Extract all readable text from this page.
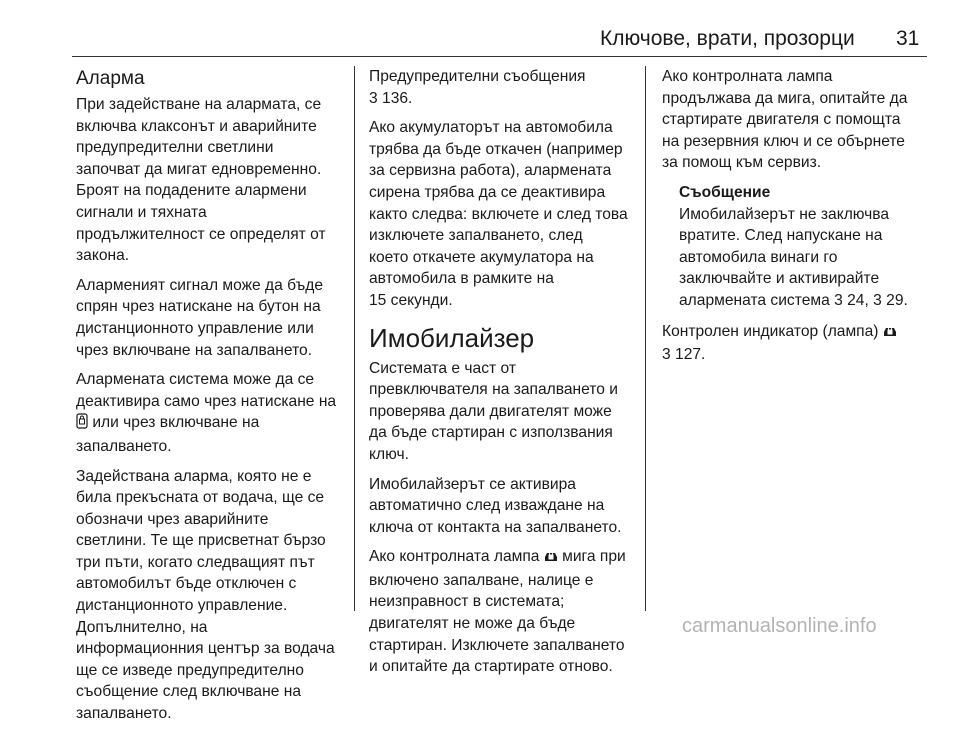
Ключове, врати, прозорци 31
Аларма

При задействане на алармата, се
включва клаксонът и аварийните
предупредителни светлини
започват да мигат едновременно.
Броят на подадените алармени
сигнали и тяхната
продължителност се определят от
закона.

Алармeният сигнал може да бъде
спрян чрез натискане на бутон на
дистанционното управление или
чрез включване на запалването.

Алармената система може да се
деактивира само чрез натискане на
или чрез включване на
запалването.

Задействана аларма, която не е
била прекъсната от водача, ще се
обозначи чрез аварийните
светлини. Те ще присветнат бързо
три пъти, когато следващият път
автомобилът бъде отключен с
дистанционното управление.
Допълнително, на
информационния център за водача
ще се изведе предупредително
съобщение след включване на
запалването.

Предупредителни съобщения
3 136.

Ако акумулаторът на автомобила
трябва да бъде откачен (например
за сервизна работа), алармената
сирена трябва да се деактивира
както следва: включете и след това
изключете запалването, след
което откачете акумулатора на
автомобила в рамките на
15 секунди.

Имобилайзер

Системата е част от
превключвателя на запалването и
проверява дали двигателят може
да бъде стартиран с използвания
ключ.

Имобилайзерът се активира
автоматично след изваждане на
ключа от контакта на запалването.

Ако контролната лампа  мига при
включено запалване, налице е
неизправност в системата;
двигателят не може да бъде
стартиран. Изключете запалването
и опитайте да стартирате отново.

Ако контролната лампа
продължава да мига, опитайте да
стартирате двигателя с помощта
на резервния ключ и се обърнете
за помощ към сервиз.

Съобщение
Имобилайзерът не заключва
вратите. След напускане на
автомобила винаги го
заключвайте и активирайте
алармената система 3 24, 3 29.

Контролен индикатор (лампа)
3 127.

carmanualsonline.info
